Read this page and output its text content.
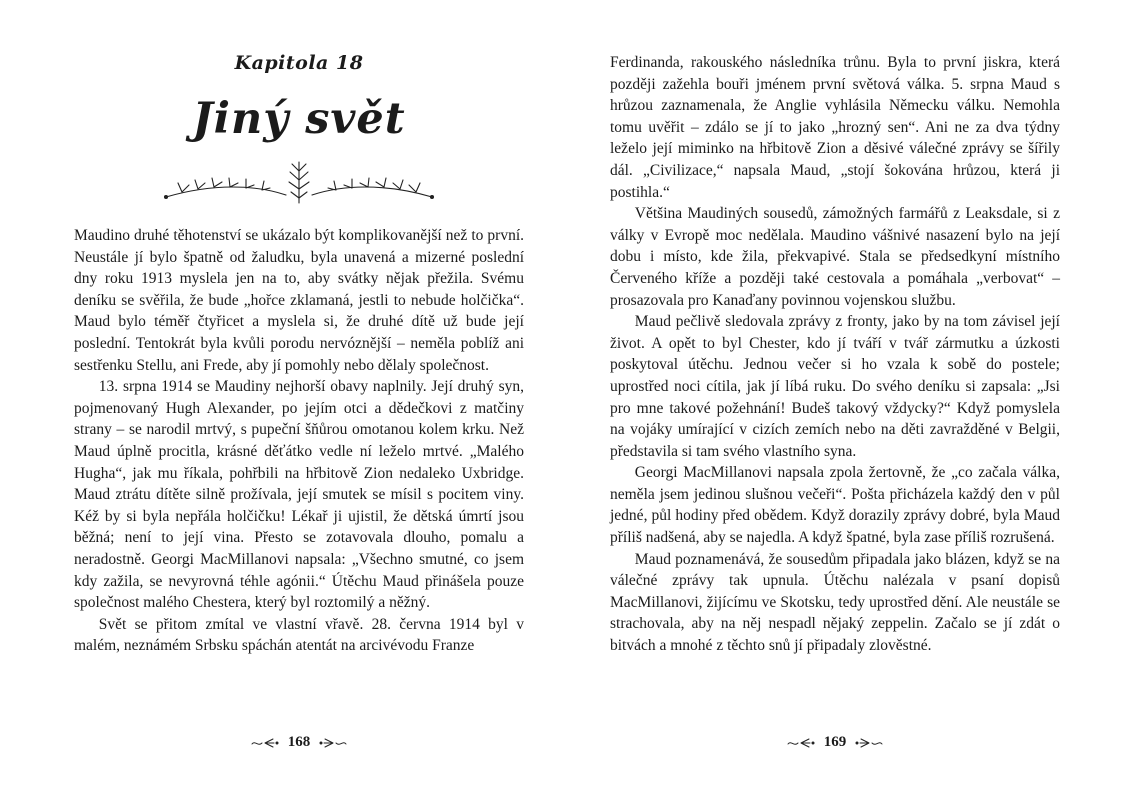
Kapitola 18
Jiný svět

Maudino druhé těhotenství se ukázalo být komplikovanější než to první. Neustále jí bylo špatně od žaludku, byla unavená a mizerné poslední dny roku 1913 myslela jen na to, aby svátky nějak přežila. Svému deníku se svěřila, že bude „hořce zklamaná, jestli to nebude holčička“. Maud bylo téměř čtyřicet a myslela si, že druhé dítě už bude její poslední. Tentokrát byla kvůli porodu nervóznější – neměla poblíž ani sestřenku Stellu, ani Frede, aby jí pomohly nebo dělaly společnost.

13. srpna 1914 se Maudiny nejhorší obavy naplnily. Její druhý syn, pojmenovaný Hugh Alexander, po jejím otci a dědečkovi z matčiny strany – se narodil mrtvý, s pupeční šňůrou omotanou kolem krku. Než Maud úplně procitla, krásné děťátko vedle ní leželo mrtvé. „Malého Hugha“, jak mu říkala, pohřbili na hřbitově Zion nedaleko Uxbridge. Maud ztrátu dítěte silně prožívala, její smutek se mísil s pocitem viny. Kéž by si byla nepřála holčičku! Lékař ji ujistil, že dětská úmrtí jsou běžná; není to její vina. Přesto se zotavovala dlouho, pomalu a neradostně. Georgi MacMillanovi napsala: „Všechno smutné, co jsem kdy zažila, se nevyrovná téhle agónii.“ Útěchu Maud přinášela pouze společnost malého Chestera, který byl roztomilý a něžný.

Svět se přitom zmítal ve vlastní vřavě. 28. června 1914 byl v malém, neznámém Srbsku spáchán atentát na arcivévodu Franze

168

Ferdinanda, rakouského následníka trůnu. Byla to první jiskra, která později zažehla bouři jménem první světová válka. 5. srpna Maud s hrůzou zaznamenala, že Anglie vyhlásila Německu válku. Nemohla tomu uvěřit – zdálo se jí to jako „hrozný sen“. Ani ne za dva týdny leželo její miminko na hřbitově Zion a děsivé válečné zprávy se šířily dál. „Civilizace,“ napsala Maud, „stojí šokována hrůzou, která ji postihla.“

Většina Maudiných sousedů, zámožných farmářů z Leaksdale, si z války v Evropě moc nedělala. Maudino vášnivé nasazení bylo na její dobu i místo, kde žila, překvapivé. Stala se předsedkyní místního Červeného kříže a později také cestovala a pomáhala „verbovat“ – prosazovala pro Kanaďany povinnou vojenskou službu.

Maud pečlivě sledovala zprávy z fronty, jako by na tom závisel její život. A opět to byl Chester, kdo jí tváří v tvář zármutku a úzkosti poskytoval útěchu. Jednou večer si ho vzala k sobě do postele; uprostřed noci cítila, jak jí líbá ruku. Do svého deníku si zapsala: „Jsi pro mne takové požehnání! Budeš takový vždycky?“ Když pomyslela na vojáky umírající v cizích zemích nebo na děti zavražděné v Belgii, představila si tam svého vlastního syna.

Georgi MacMillanovi napsala zpola žertovně, že „co začala válka, neměla jsem jedinou slušnou večeři“. Pošta přicházela každý den v půl jedné, půl hodiny před obědem. Když dorazily zprávy dobré, byla Maud příliš nadšená, aby se najedla. A když špatné, byla zase příliš rozrušená.

Maud poznamenává, že sousedům připadala jako blázen, když se na válečné zprávy tak upnula. Útěchu nalézala v psaní dopisů MacMillanovi, žijícímu ve Skotsku, tedy uprostřed dění. Ale neustále se strachovala, aby na něj nespadl nějaký zeppelin. Začalo se jí zdát o bitvách a mnohé z těchto snů jí připadaly zlověstné.

169
